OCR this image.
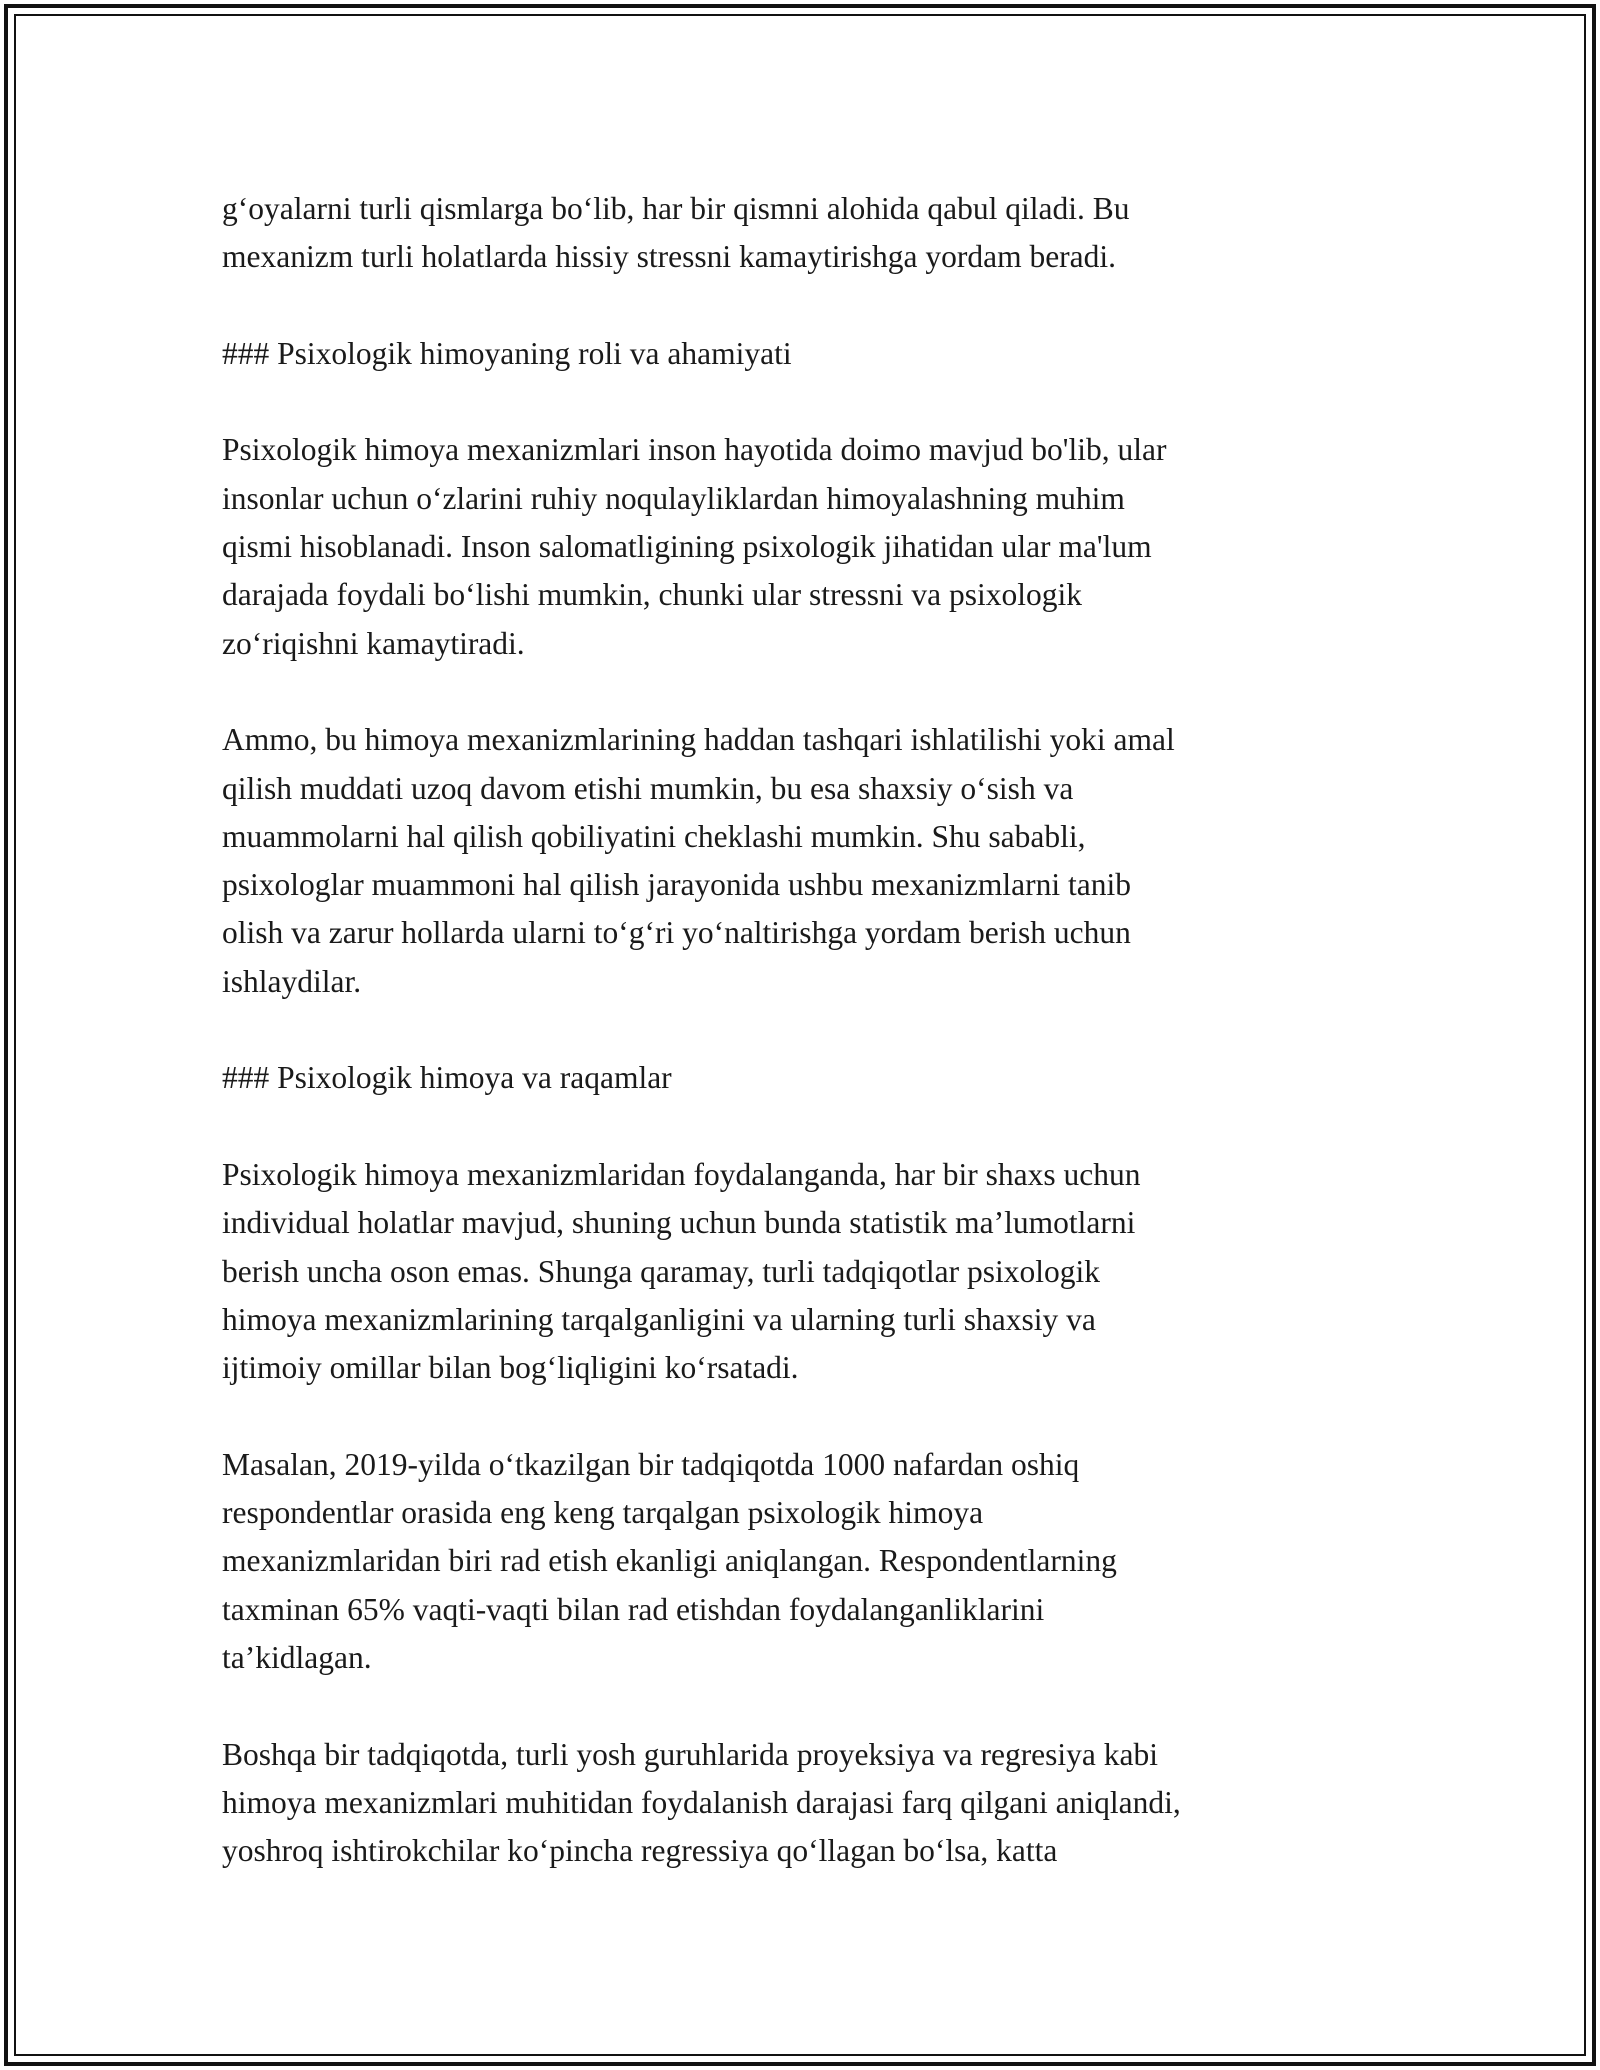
g‘oyalarni turli qismlarga bo‘lib, har bir qismni alohida qabul qiladi. Bu
mexanizm turli holatlarda hissiy stressni kamaytirishga yordam beradi.
### Psixologik himoyaning roli va ahamiyati
Psixologik himoya mexanizmlari inson hayotida doimo mavjud bo'lib, ular
insonlar uchun o‘zlarini ruhiy noqulayliklardan himoyalashning muhim
qismi hisoblanadi. Inson salomatligining psixologik jihatidan ular ma'lum
darajada foydali bo‘lishi mumkin, chunki ular stressni va psixologik
zo‘riqishni kamaytiradi.
Ammo, bu himoya mexanizmlarining haddan tashqari ishlatilishi yoki amal
qilish muddati uzoq davom etishi mumkin, bu esa shaxsiy o‘sish va
muammolarni hal qilish qobiliyatini cheklashi mumkin. Shu sababli,
psixologlar muammoni hal qilish jarayonida ushbu mexanizmlarni tanib
olish va zarur hollarda ularni to‘g‘ri yo‘naltirishga yordam berish uchun
ishlaydilar.
### Psixologik himoya va raqamlar
Psixologik himoya mexanizmlaridan foydalanganda, har bir shaxs uchun
individual holatlar mavjud, shuning uchun bunda statistik ma’lumotlarni
berish uncha oson emas. Shunga qaramay, turli tadqiqotlar psixologik
himoya mexanizmlarining tarqalganligini va ularning turli shaxsiy va
ijtimoiy omillar bilan bog‘liqligini ko‘rsatadi.
Masalan, 2019-yilda o‘tkazilgan bir tadqiqotda 1000 nafardan oshiq
respondentlar orasida eng keng tarqalgan psixologik himoya
mexanizmlaridan biri rad etish ekanligi aniqlangan. Respondentlarning
taxminan 65% vaqti-vaqti bilan rad etishdan foydalanganliklarini
ta’kidlagan.
Boshqa bir tadqiqotda, turli yosh guruhlarida proyeksiya va regresiya kabi
himoya mexanizmlari muhitidan foydalanish darajasi farq qilgani aniqlandi,
yoshroq ishtirokchilar ko‘pincha regressiya qo‘llagan bo‘lsa, katta
